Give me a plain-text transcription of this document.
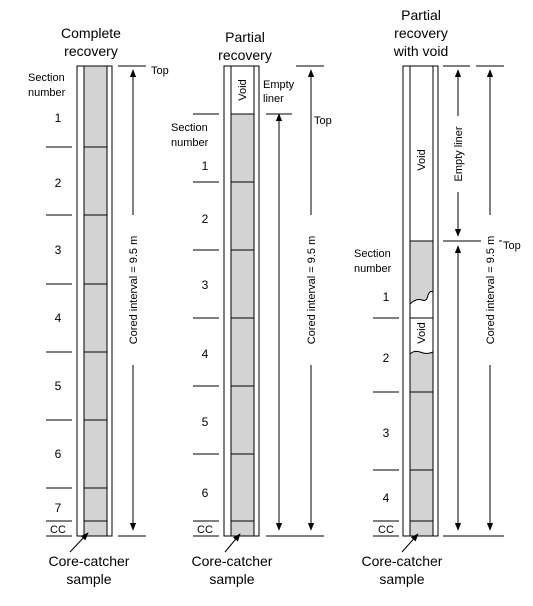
Complete
recovery
Section
number
1
2
3
4
5
6
7
CC
Top
Cored interval = 9.5 m
Core-catcher
sample
Partial
recovery
Section
number
Void
1
2
3
4
5
6
CC
Empty
liner
Top
Cored interval = 9.5 m
Core-catcher
sample
Partial
recovery
with void
Section
number
Void
Void
1
2
3
4
CC
Empty liner
Top
Cored interval = 9.5 m
Core-catcher
sample
